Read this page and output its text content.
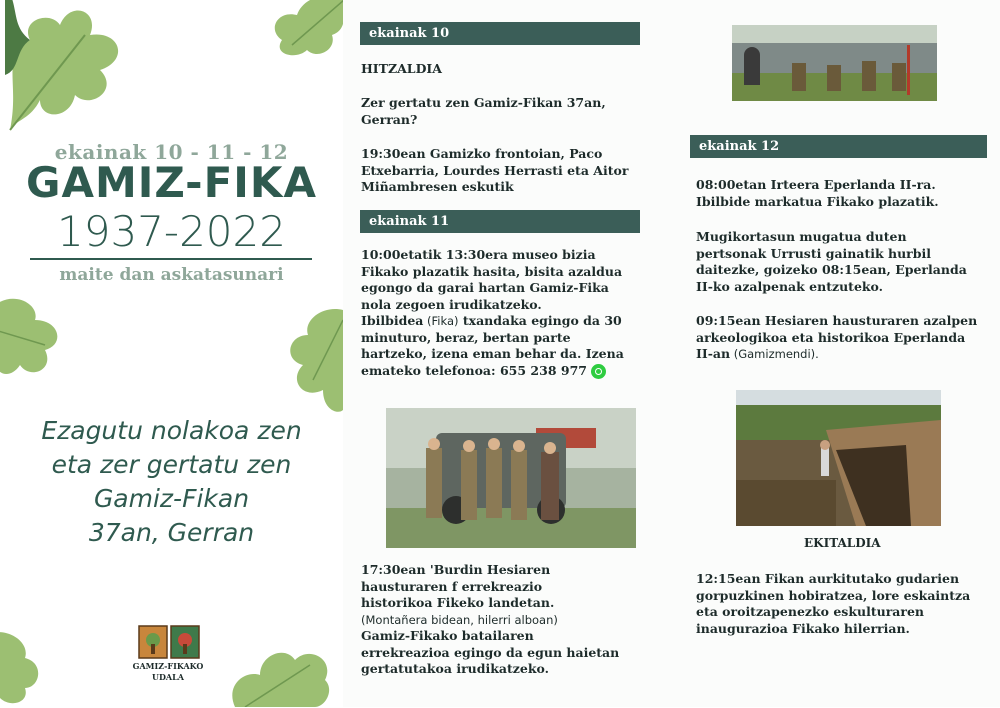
ekainak 10 - 11 - 12
GAMIZ-FIKA
1937-2022
maite dan askatasunari
Ezagutu nolakoa zen
eta zer gertatu zen
Gamiz-Fikan
37an, Gerran
GAMIZ-FIKAKO
UDALA
ekainak 10
HITZALDIA
Zer gertatu zen Gamiz-Fikan 37an,
Gerran?
19:30ean Gamizko frontoian, Paco
Etxebarria, Lourdes Herrasti eta Aitor
Miñambresen eskutik
ekainak 11
10:00etatik 13:30era museo bizia
Fikako plazatik hasita, bisita azaldua
egongo da garai hartan Gamiz-Fika
nola zegoen irudikatzeko.
Ibilbidea (Fika) txandaka egingo da 30
minuturo, beraz, bertan parte
hartzeko, izena eman behar da. Izena
emateko telefonoa: 655 238 977
17:30ean 'Burdin Hesiaren
hausturaren f errekreazio
historikoa Fikeko landetan.
(Montañera bidean, hilerri alboan)
Gamiz-Fikako batailaren
errekreazioa egingo da egun haietan
gertatutakoa irudikatzeko.
ekainak 12
08:00etan Irteera Eperlanda II-ra.
Ibilbide markatua Fikako plazatik.
Mugikortasun mugatua duten
pertsonak Urrusti gainatik hurbil
daitezke, goizeko 08:15ean, Eperlanda
II-ko azalpenak entzuteko.
09:15ean Hesiaren hausturaren azalpen
arkeologikoa eta historikoa Eperlanda
II-an (Gamizmendi).
EKITALDIA
12:15ean Fikan aurkitutako gudarien
gorpuzkinen hobiratzea, lore eskaintza
eta oroitzapenezko eskulturaren
inaugurazioa Fikako hilerrian.
